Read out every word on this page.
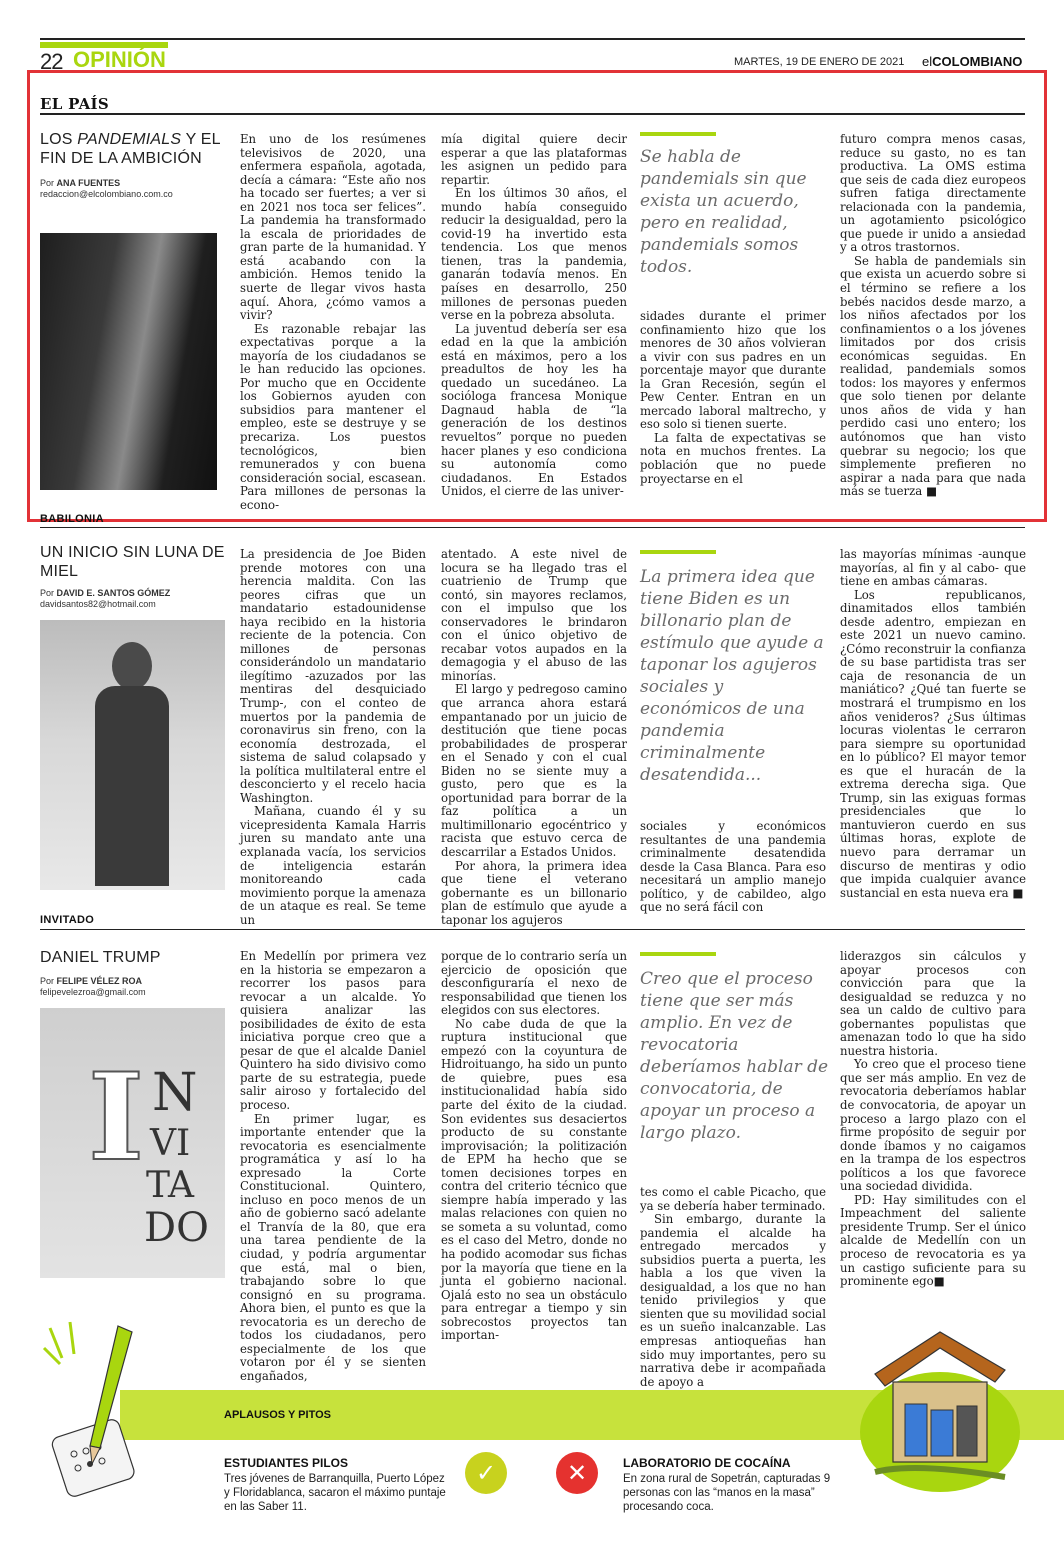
22 OPINIÓN	MARTES, 19 DE ENERO DE 2021 elCOLOMBIANO
EL PAÍS
LOS PANDEMIALS Y EL FIN DE LA AMBICIÓN
Por ANA FUENTES
redaccion@elcolombiano.com.co

En uno de los resúmenes televisivos de 2020, una enfermera española, agotada, decía a cámara: “Este año nos ha tocado ser fuertes; a ver si en 2021 nos toca ser felices”. La pandemia ha transformado la escala de prioridades de gran parte de la humanidad. Y está acabando con la ambición. Hemos tenido la suerte de llegar vivos hasta aquí. Ahora, ¿cómo vamos a vivir?

Es razonable rebajar las expectativas porque a la mayoría de los ciudadanos se le han reducido las opciones. Por mucho que en Occidente los Gobiernos ayuden con subsidios para mantener el empleo, este se destruye y se precariza. Los puestos tecnológicos, bien remunerados y con buena consideración social, escasean. Para millones de personas la econo-

mía digital quiere decir esperar a que las plataformas les asignen un pedido para repartir.

En los últimos 30 años, el mundo había conseguido reducir la desigualdad, pero la covid-19 ha invertido esta tendencia. Los que menos tienen, tras la pandemia, ganarán todavía menos. En países en desarrollo, 250 millones de personas pueden verse en la pobreza absoluta.

La juventud debería ser esa edad en la que la ambición está en máximos, pero a los preadultos de hoy les ha quedado un sucedáneo. La socióloga francesa Monique Dagnaud habla de “la generación de los destinos revueltos” porque no pueden hacer planes y eso condiciona su autonomía como ciudadanos. En Estados Unidos, el cierre de las univer-

Se habla de pandemials sin que exista un acuerdo, pero en realidad, pandemials somos todos.

sidades durante el primer confinamiento hizo que los menores de 30 años volvieran a vivir con sus padres en un porcentaje mayor que durante la Gran Recesión, según el Pew Center. Entran en un mercado laboral maltrecho, y eso solo si tienen suerte.

La falta de expectativas se nota en muchos frentes. La población que no puede proyectarse en el

futuro compra menos casas, reduce su gasto, no es tan productiva. La OMS estima que seis de cada diez europeos sufren fatiga directamente relacionada con la pandemia, un agotamiento psicológico que puede ir unido a ansiedad y a otros trastornos.

Se habla de pandemials sin que exista un acuerdo sobre si el término se refiere a los bebés nacidos desde marzo, a los niños afectados por los confinamientos o a los jóvenes limitados por dos crisis económicas seguidas. En realidad, pandemials somos todos: los mayores y enfermos que solo tienen por delante unos años de vida y han perdido casi uno entero; los autónomos que han visto quebrar su negocio; los que simplemente prefieren no aspirar a nada para que nada más se tuerza ■

BABILONIA
UN INICIO SIN LUNA DE MIEL
Por DAVID E. SANTOS GÓMEZ
davidsantos82@hotmail.com

La presidencia de Joe Biden prende motores con una herencia maldita. Con las peores cifras que un mandatario estadounidense haya recibido en la historia reciente de la potencia. Con millones de personas considerándolo un mandatario ilegítimo -azuzados por las mentiras del desquiciado Trump-, con el conteo de muertos por la pandemia de coronavirus sin freno, con la economía destrozada, el sistema de salud colapsado y la política multilateral entre el desconcierto y el recelo hacia Washington.

Mañana, cuando él y su vicepresidenta Kamala Harris juren su mandato ante una explanada vacía, los servicios de inteligencia estarán monitoreando cada movimiento porque la amenaza de un ataque es real. Se teme un

atentado. A este nivel de locura se ha llegado tras el cuatrienio de Trump que contó, sin mayores reclamos, con el impulso que los conservadores le brindaron con el único objetivo de recabar votos aupados en la demagogia y el abuso de las minorías.

El largo y pedregoso camino que arranca ahora estará empantanado por un juicio de destitución que tiene pocas probabilidades de prosperar en el Senado y con el cual Biden no se siente muy a gusto, pero que es la oportunidad para borrar de la faz política a un multimillonario egocéntrico y racista que estuvo cerca de descarrilar a Estados Unidos.

Por ahora, la primera idea que tiene el veterano gobernante es un billonario plan de estímulo que ayude a taponar los agujeros

La primera idea que tiene Biden es un billonario plan de estímulo que ayude a taponar los agujeros sociales y económicos de una pandemia criminalmente desatendida...

sociales y económicos resultantes de una pandemia criminalmente desatendida desde la Casa Blanca. Para eso necesitará un amplio manejo político, y de cabildeo, algo que no será fácil con

las mayorías mínimas -aunque mayorías, al fin y al cabo- que tiene en ambas cámaras.

Los republicanos, dinamitados ellos también desde adentro, empiezan en este 2021 un nuevo camino. ¿Cómo reconstruir la confianza de su base partidista tras ser caja de resonancia de un maniático? ¿Qué tan fuerte se mostrará el trumpismo en los años venideros? ¿Sus últimas locuras violentas le cerraron para siempre su oportunidad en lo público? El mayor temor es que el huracán de la extrema derecha siga. Que Trump, sin las exiguas formas presidenciales que lo mantuvieron cuerdo en sus últimas horas, explote de nuevo para derramar un discurso de mentiras y odio que impida cualquier avance sustancial en esta nueva era ■

INVITADO
DANIEL TRUMP
Por FELIPE VÉLEZ ROA
felipevelezroa@gmail.com
I N
VI
TA
DO

En Medellín por primera vez en la historia se empezaron a recorrer los pasos para revocar a un alcalde. Yo quisiera analizar las posibilidades de éxito de esta iniciativa porque creo que a pesar de que el alcalde Daniel Quintero ha sido divisivo como parte de su estrategia, puede salir airoso y fortalecido del proceso.

En primer lugar, es importante entender que la revocatoria es esencialmente programática y así lo ha expresado la Corte Constitucional. Quintero, incluso en poco menos de un año de gobierno sacó adelante el Tranvía de la 80, que era una tarea pendiente de la ciudad, y podría argumentar que está, mal o bien, trabajando sobre lo que consignó en su programa. Ahora bien, el punto es que la revocatoria es un derecho de todos los ciudadanos, pero especialmente de los que votaron por él y se sienten engañados,

porque de lo contrario sería un ejercicio de oposición que desconfiguraría el nexo de responsabilidad que tienen los elegidos con sus electores.

No cabe duda de que la ruptura institucional que empezó con la coyuntura de Hidroituango, ha sido un punto de quiebre, pues esa institucionalidad había sido parte del éxito de la ciudad. Son evidentes sus desaciertos producto de su constante improvisación; la politización de EPM ha hecho que se tomen decisiones torpes en contra del criterio técnico que siempre había imperado y las malas relaciones con quien no se someta a su voluntad, como es el caso del Metro, donde no ha podido acomodar sus fichas por la mayoría que tiene en la junta el gobierno nacional. Ojalá esto no sea un obstáculo para entregar a tiempo y sin sobrecostos proyectos tan importan-

Creo que el proceso tiene que ser más amplio. En vez de revocatoria deberíamos hablar de convocatoria, de apoyar un proceso a largo plazo.

tes como el cable Picacho, que ya se debería haber terminado.

Sin embargo, durante la pandemia el alcalde ha entregado mercados y subsidios puerta a puerta, les habla a los que viven la desigualdad, a los que no han tenido privilegios y que sienten que su movilidad social es un sueño inalcanzable. Las empresas antioqueñas han sido muy importantes, pero su narrativa debe ir acompañada de apoyo a

liderazgos sin cálculos y apoyar procesos con convicción para que la desigualdad se reduzca y no sea un caldo de cultivo para gobernantes populistas que amenazan todo lo que ha sido nuestra historia.

Yo creo que el proceso tiene que ser más amplio. En vez de revocatoria deberíamos hablar de convocatoria, de apoyar un proceso a largo plazo con el firme propósito de seguir por donde íbamos y no caigamos en la trampa de los espectros políticos a los que favorece una sociedad dividida.

PD: Hay similitudes con el Impeachment del saliente presidente Trump. Ser el único alcalde de Medellín con un proceso de revocatoria es ya un castigo suficiente para su prominente ego■

APLAUSOS Y PITOS
ESTUDIANTES PILOS
Tres jóvenes de Barranquilla, Puerto López y Floridablanca, sacaron el máximo puntaje en las Saber 11.
✓	✕	LABORATORIO DE COCAÍNA
En zona rural de Sopetrán, capturadas 9 personas con las “manos en la masa” procesando coca.
